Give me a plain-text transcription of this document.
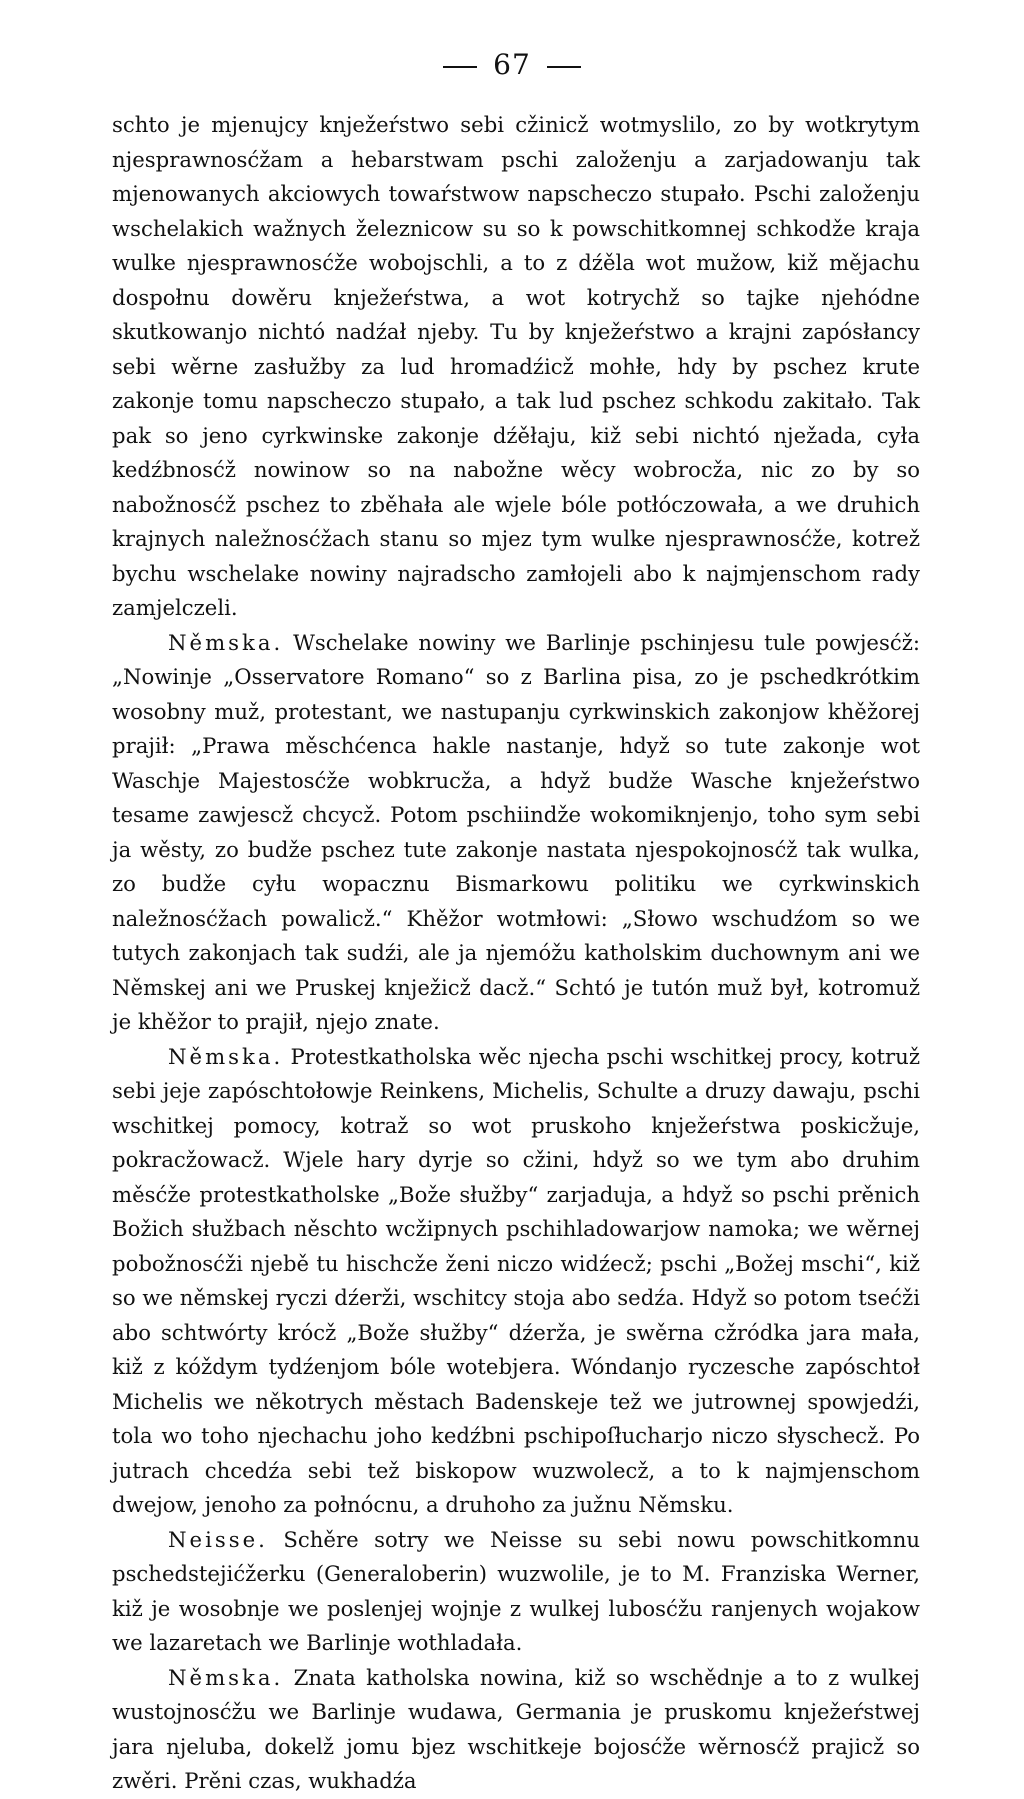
67

schto je mjenujcy knježeŕstwo sebi cžinicž wotmyslilo, zo by wotkrytym njesprawnosćžam a hebarstwam pschi založenju a zarjadowanju tak mjenowanych akciowych towaŕstwow napscheczo stupało. Pschi založenju wschelakich wažnych železnicow su so k powschitkomnej schkodže kraja wulke njesprawnosćže wobojschli, a to z dźěla wot mužow, kiž mějachu dospołnu dowěru knježeŕstwa, a wot kotrychž so tajke njehódne skutkowanjo nichtó nadźał njeby. Tu by knježeŕstwo a krajni zapósłancy sebi wěrne zasłužby za lud hromadźicž mohłe, hdy by pschez krute zakonje tomu napscheczo stupało, a tak lud pschez schkodu zakitało. Tak pak so jeno cyrkwinske zakonje dźěłaju, kiž sebi nichtó nježada, cyła kedźbnosćž nowinow so na nabožne wěcy wobrocža, nic zo by so nabožnosćž pschez to zběhała ale wjele bóle potłóczowała, a we druhich krajnych naležnosćžach stanu so mjez tym wulke njesprawnosćže, kotrež bychu wschelake nowiny najradscho zamłojeli abo k najmjenschom rady zamjelczeli.

Němska. Wschelake nowiny we Barlinje pschinjesu tule powjesćž: „Nowinje „Osservatore Romano“ so z Barlina pisa, zo je pschedkrótkim wosobny muž, protestant, we nastupanju cyrkwinskich zakonjow khěžorej prajił: „Prawa měschćenca hakle nastanje, hdyž so tute zakonje wot Waschje Majestosćže wobkrucža, a hdyž budže Wasche knježeŕstwo tesame zawjescž chcycž. Potom pschiindže wokomiknjenjo, toho sym sebi ja wěsty, zo budže pschez tute zakonje nastata njespokojnosćž tak wulka, zo budže cyłu wopacznu Bismarkowu politiku we cyrkwinskich naležnosćžach powalicž.“ Khěžor wotmłowi: „Słowo wschudźom so we tutych zakonjach tak sudźi, ale ja njemóžu katholskim duchownym ani we Němskej ani we Pruskej knježicž dacž.“ Schtó je tutón muž był, kotromuž je khěžor to prajił, njejo znate.

Němska. Protestkatholska wěc njecha pschi wschitkej procy, kotruž sebi jeje zapóschtołowje Reinkens, Michelis, Schulte a druzy dawaju, pschi wschitkej pomocy, kotraž so wot pruskoho knježeŕstwa poskicžuje, pokracžowacž. Wjele hary dyrje so cžini, hdyž so we tym abo druhim měsćže protestkatholske „Bože słužby“ zarjaduja, a hdyž so pschi prěnich Božich słužbach něschto wcžipnych pschihladowarjow namoka; we wěrnej pobožnosćži njebě tu hischcže ženi niczo widźecž; pschi „Božej mschi“, kiž so we němskej ryczi dźerži, wschitcy stoja abo sedźa. Hdyž so potom tsećži abo schtwórty krócž „Bože słužby“ dźerža, je swěrna cžródka jara mała, kiž z kóždym tydźenjom bóle wotebjera. Wóndanjo ryczesche zapóschtoł Michelis we někotrych městach Badenskeje tež we jutrownej spowjedźi, tola wo toho njechachu joho kedźbni pschipoſłucharjo niczo słyschecž. Po jutrach chcedźa sebi tež biskopow wuzwolecž, a to k najmjenschom dwejow, jenoho za połnócnu, a druhoho za južnu Němsku.

Neisse. Schěre sotry we Neisse su sebi nowu powschitkomnu pschedstejićžerku (Generaloberin) wuzwolile, je to M. Franziska Werner, kiž je wosobnje we poslenjej wojnje z wulkej lubosćžu ranjenych wojakow we lazaretach we Barlinje wothladała.

Němska. Znata katholska nowina, kiž so wschědnje a to z wulkej wustojnosćžu we Barlinje wudawa, Germania je pruskomu knježeŕstwej jara njeluba, dokelž jomu bjez wschitkeje bojosćže wěrnosćž prajicž so zwěri. Prěni czas, wukhadźa
